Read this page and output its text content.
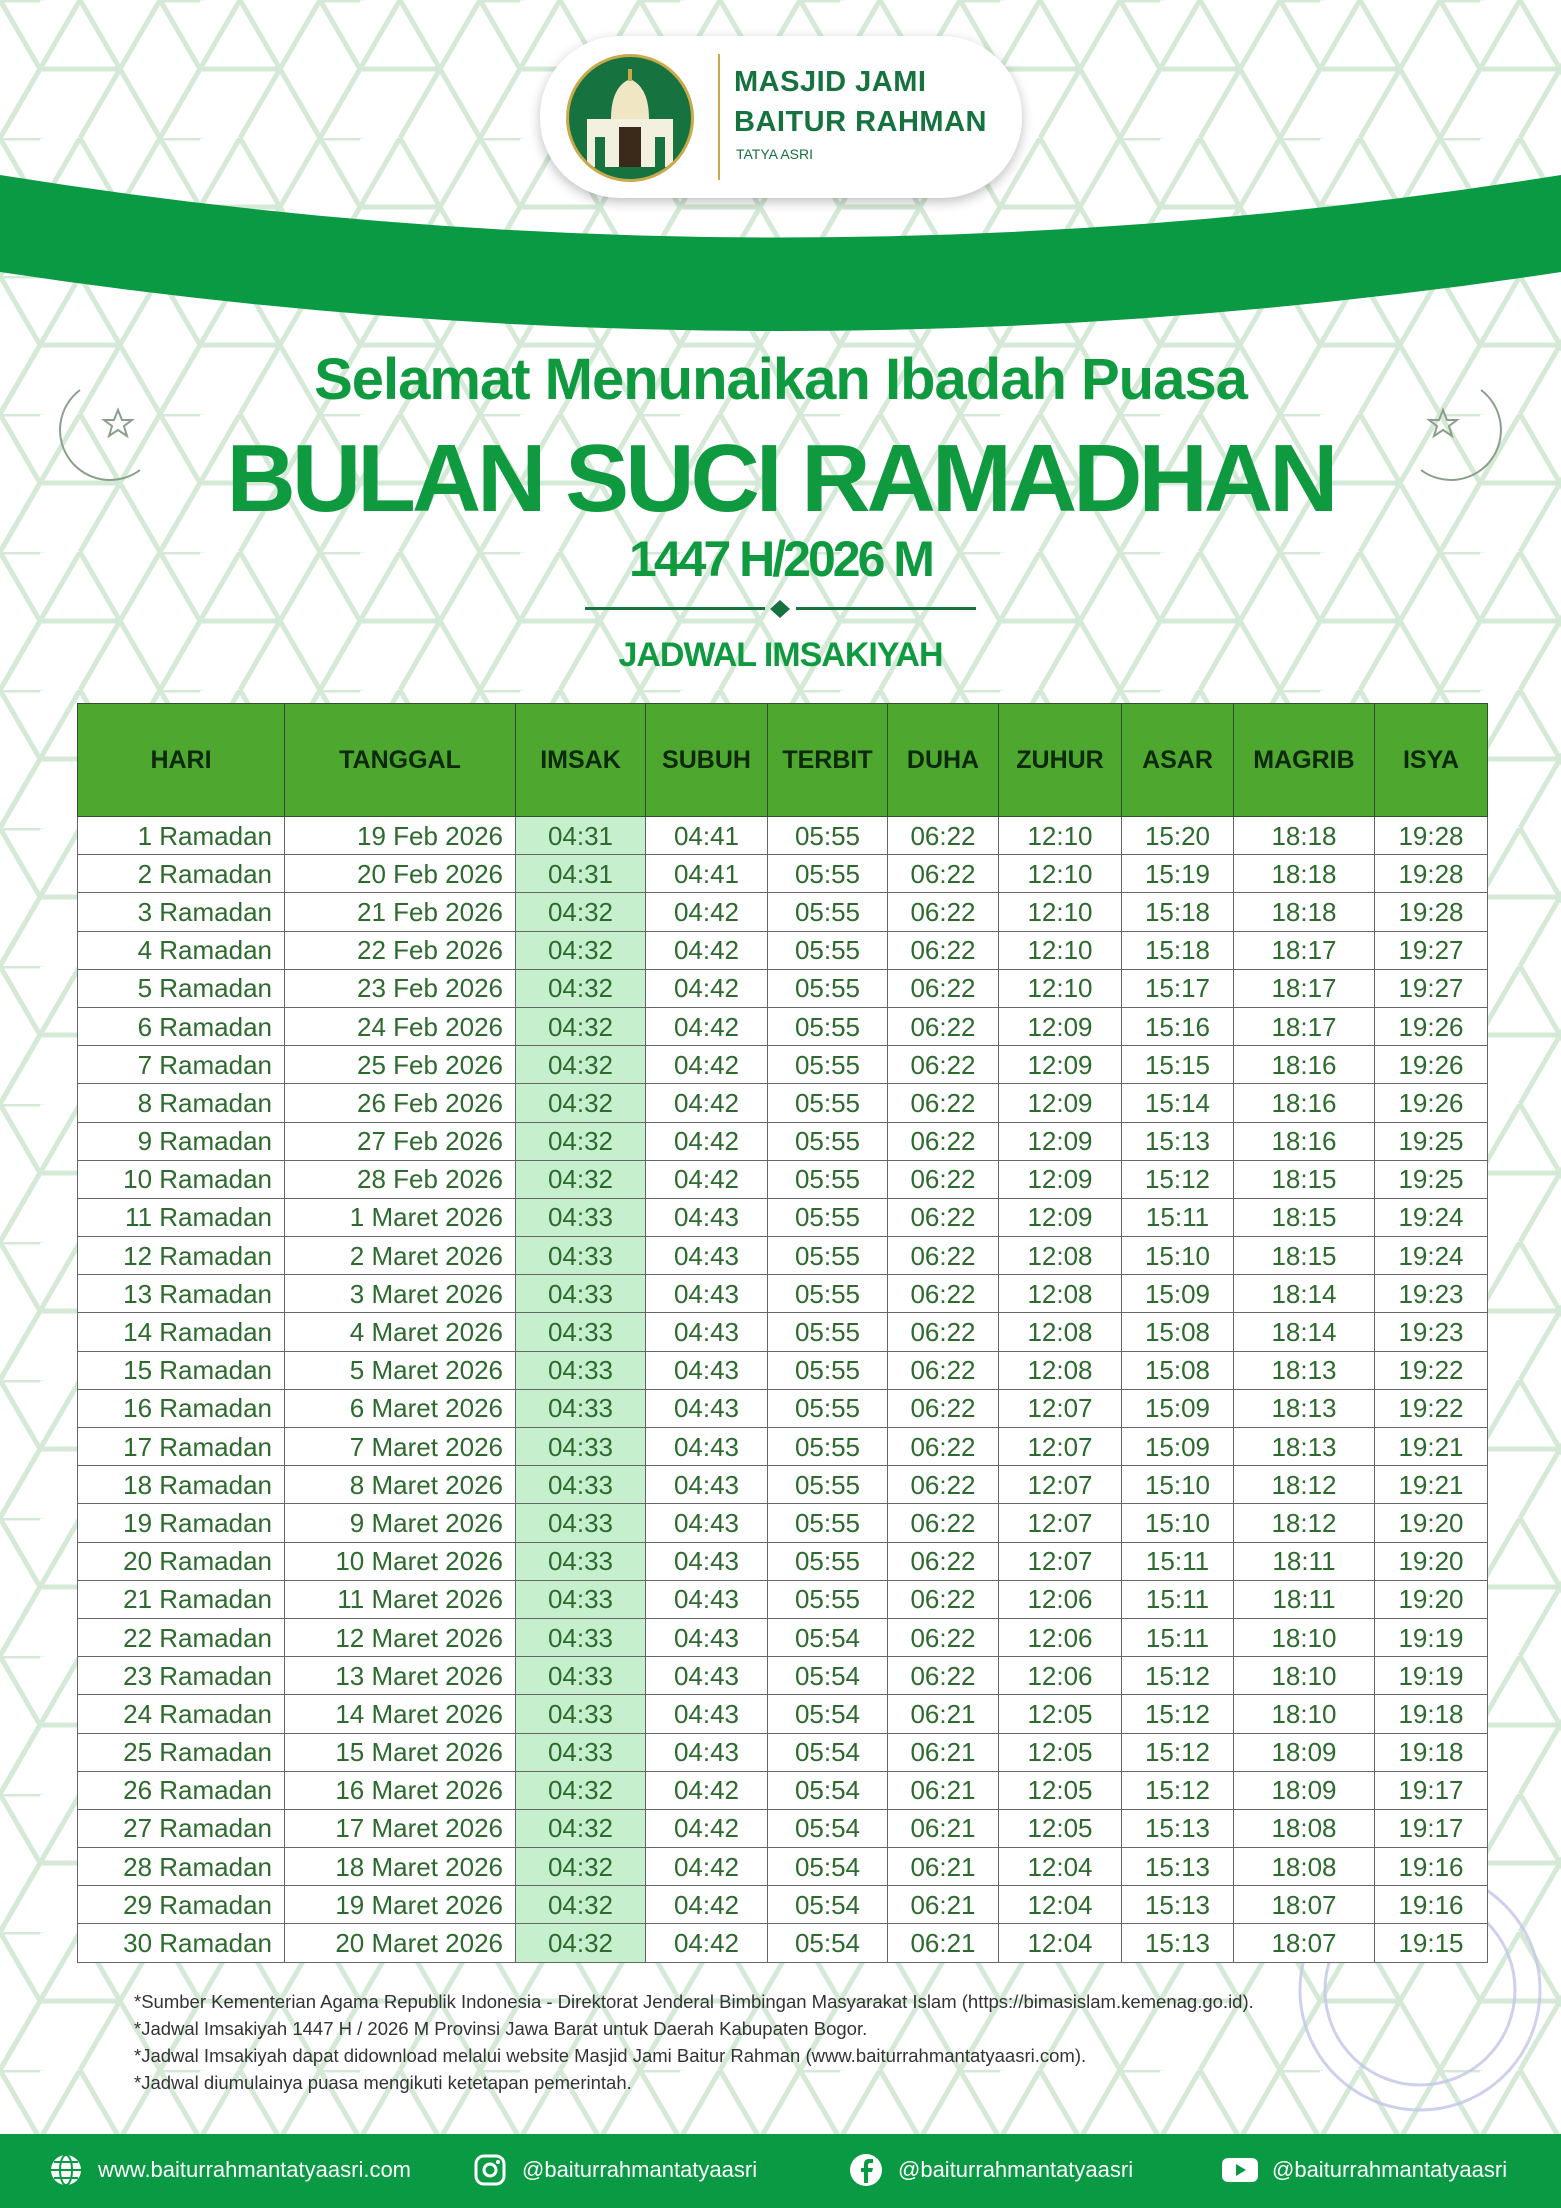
MASJID JAMI
BAITUR RAHMAN
TATYA ASRI
Selamat Menunaikan Ibadah Puasa
BULAN SUCI RAMADHAN
1447 H/2026 M
JADWAL IMSAKIYAH
HARI	TANGGAL	IMSAK	SUBUH	TERBIT	DUHA	ZUHUR	ASAR	MAGRIB	ISYA
1 Ramadan	19 Feb 2026	04:31	04:41	05:55	06:22	12:10	15:20	18:18	19:28
2 Ramadan	20 Feb 2026	04:31	04:41	05:55	06:22	12:10	15:19	18:18	19:28
3 Ramadan	21 Feb 2026	04:32	04:42	05:55	06:22	12:10	15:18	18:18	19:28
4 Ramadan	22 Feb 2026	04:32	04:42	05:55	06:22	12:10	15:18	18:17	19:27
5 Ramadan	23 Feb 2026	04:32	04:42	05:55	06:22	12:10	15:17	18:17	19:27
6 Ramadan	24 Feb 2026	04:32	04:42	05:55	06:22	12:09	15:16	18:17	19:26
7 Ramadan	25 Feb 2026	04:32	04:42	05:55	06:22	12:09	15:15	18:16	19:26
8 Ramadan	26 Feb 2026	04:32	04:42	05:55	06:22	12:09	15:14	18:16	19:26
9 Ramadan	27 Feb 2026	04:32	04:42	05:55	06:22	12:09	15:13	18:16	19:25
10 Ramadan	28 Feb 2026	04:32	04:42	05:55	06:22	12:09	15:12	18:15	19:25
11 Ramadan	1 Maret 2026	04:33	04:43	05:55	06:22	12:09	15:11	18:15	19:24
12 Ramadan	2 Maret 2026	04:33	04:43	05:55	06:22	12:08	15:10	18:15	19:24
13 Ramadan	3 Maret 2026	04:33	04:43	05:55	06:22	12:08	15:09	18:14	19:23
14 Ramadan	4 Maret 2026	04:33	04:43	05:55	06:22	12:08	15:08	18:14	19:23
15 Ramadan	5 Maret 2026	04:33	04:43	05:55	06:22	12:08	15:08	18:13	19:22
16 Ramadan	6 Maret 2026	04:33	04:43	05:55	06:22	12:07	15:09	18:13	19:22
17 Ramadan	7 Maret 2026	04:33	04:43	05:55	06:22	12:07	15:09	18:13	19:21
18 Ramadan	8 Maret 2026	04:33	04:43	05:55	06:22	12:07	15:10	18:12	19:21
19 Ramadan	9 Maret 2026	04:33	04:43	05:55	06:22	12:07	15:10	18:12	19:20
20 Ramadan	10 Maret 2026	04:33	04:43	05:55	06:22	12:07	15:11	18:11	19:20
21 Ramadan	11 Maret 2026	04:33	04:43	05:55	06:22	12:06	15:11	18:11	19:20
22 Ramadan	12 Maret 2026	04:33	04:43	05:54	06:22	12:06	15:11	18:10	19:19
23 Ramadan	13 Maret 2026	04:33	04:43	05:54	06:22	12:06	15:12	18:10	19:19
24 Ramadan	14 Maret 2026	04:33	04:43	05:54	06:21	12:05	15:12	18:10	19:18
25 Ramadan	15 Maret 2026	04:33	04:43	05:54	06:21	12:05	15:12	18:09	19:18
26 Ramadan	16 Maret 2026	04:32	04:42	05:54	06:21	12:05	15:12	18:09	19:17
27 Ramadan	17 Maret 2026	04:32	04:42	05:54	06:21	12:05	15:13	18:08	19:17
28 Ramadan	18 Maret 2026	04:32	04:42	05:54	06:21	12:04	15:13	18:08	19:16
29 Ramadan	19 Maret 2026	04:32	04:42	05:54	06:21	12:04	15:13	18:07	19:16
30 Ramadan	20 Maret 2026	04:32	04:42	05:54	06:21	12:04	15:13	18:07	19:15
*Sumber Kementerian Agama Republik Indonesia - Direktorat Jenderal Bimbingan Masyarakat Islam (https://bimasislam.kemenag.go.id).
*Jadwal Imsakiyah 1447 H / 2026 M Provinsi Jawa Barat untuk Daerah Kabupaten Bogor.
*Jadwal Imsakiyah dapat didownload melalui website Masjid Jami Baitur Rahman (www.baiturrahmantatyaasri.com).
*Jadwal diumulainya puasa mengikuti ketetapan pemerintah.
www.baiturrahmantatyaasri.com	@baiturrahmantatyaasri	@baiturrahmantatyaasri	@baiturrahmantatyaasri
